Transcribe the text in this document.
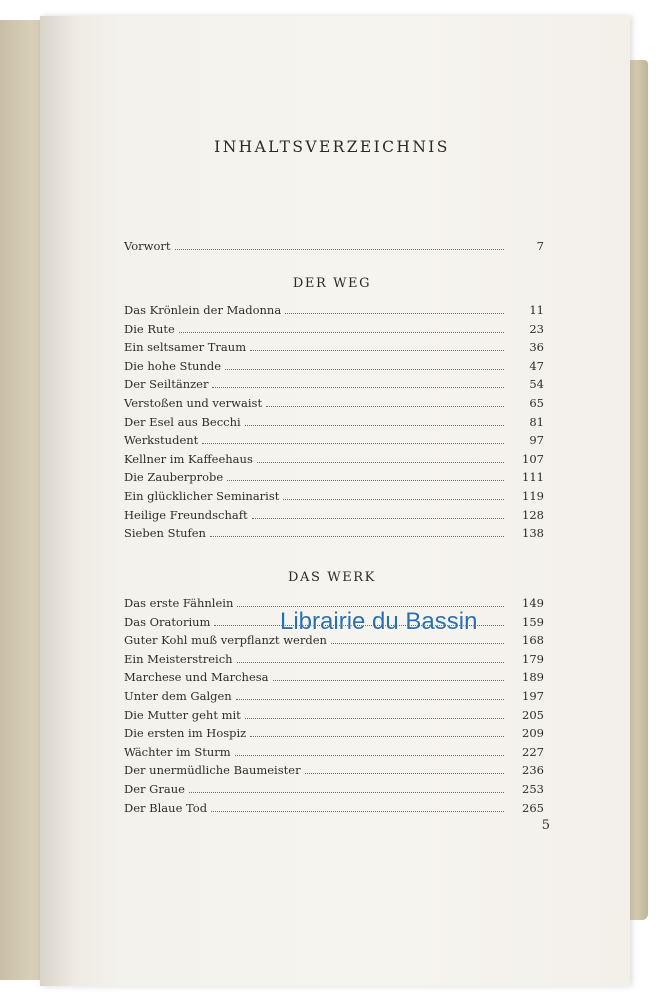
INHALTSVERZEICHNIS
Vorwort	7
DER WEG
Das Krönlein der Madonna	11
Die Rute	23
Ein seltsamer Traum	36
Die hohe Stunde	47
Der Seiltänzer	54
Verstoßen und verwaist	65
Der Esel aus Becchi	81
Werkstudent	97
Kellner im Kaffeehaus	107
Die Zauberprobe	111
Ein glücklicher Seminarist	119
Heilige Freundschaft	128
Sieben Stufen	138
DAS WERK
Das erste Fähnlein	149
Das Oratorium	159
Guter Kohl muß verpflanzt werden	168
Ein Meisterstreich	179
Marchese und Marchesa	189
Unter dem Galgen	197
Die Mutter geht mit	205
Die ersten im Hospiz	209
Wächter im Sturm	227
Der unermüdliche Baumeister	236
Der Graue	253
Der Blaue Tod	265
5
Librairie du Bassin
